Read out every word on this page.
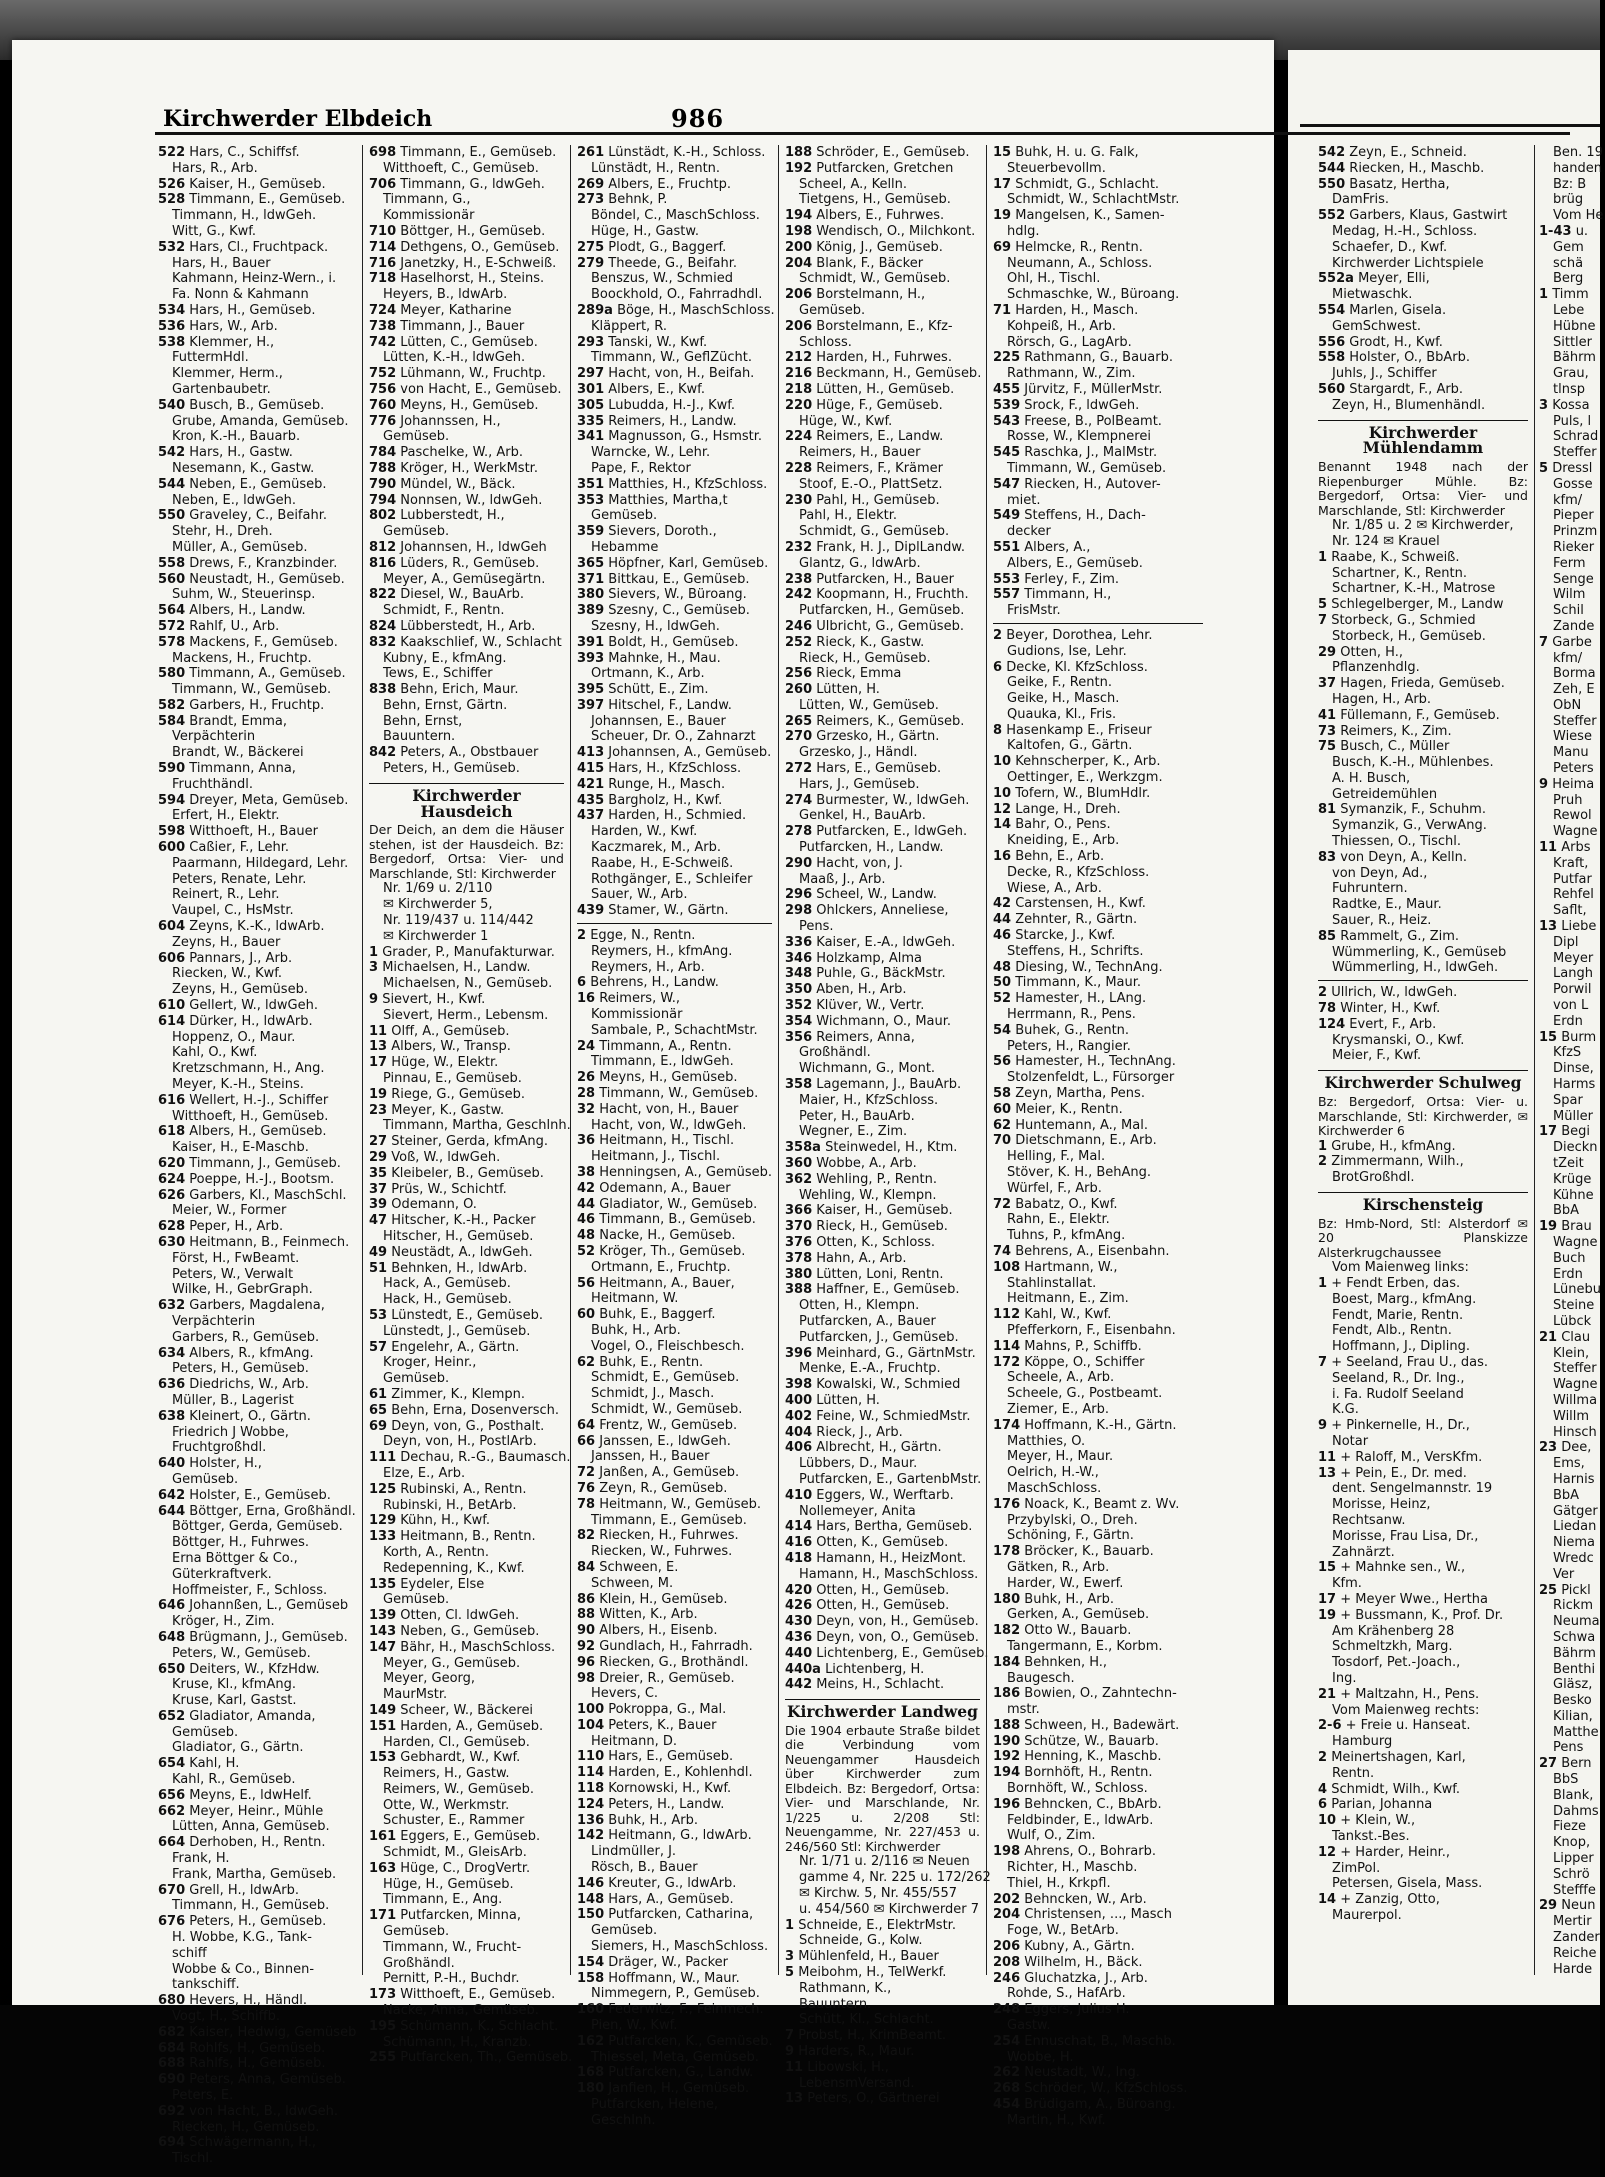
Kirchwerder Elbdeich	986
522 Hars, C., Schiffsf.
Hars, R., Arb.
526 Kaiser, H., Gemüseb.
528 Timmann, E., Gemüseb.
Timmann, H., ldwGeh.
Witt, G., Kwf.
532 Hars, Cl., Fruchtpack.
Hars, H., Bauer
Kahmann, Heinz-Wern., i.
Fa. Nonn & Kahmann
534 Hars, H., Gemüseb.
536 Hars, W., Arb.
538 Klemmer, H.,
FuttermHdl.
Klemmer, Herm.,
Gartenbaubetr.
540 Busch, B., Gemüseb.
Grube, Amanda, Gemüseb.
Kron, K.-H., Bauarb.
542 Hars, H., Gastw.
Nesemann, K., Gastw.
544 Neben, E., Gemüseb.
Neben, E., ldwGeh.
550 Graveley, C., Beifahr.
Stehr, H., Dreh.
Müller, A., Gemüseb.
558 Drews, F., Kranzbinder.
560 Neustadt, H., Gemüseb.
Suhm, W., Steuerinsp.
564 Albers, H., Landw.
572 Rahlf, U., Arb.
578 Mackens, F., Gemüseb.
Mackens, H., Fruchtp.
580 Timmann, A., Gemüseb.
Timmann, W., Gemüseb.
582 Garbers, H., Fruchtp.
584 Brandt, Emma,
Verpächterin
Brandt, W., Bäckerei
590 Timmann, Anna,
Fruchthändl.
594 Dreyer, Meta, Gemüseb.
Erfert, H., Elektr.
598 Witthoeft, H., Bauer
600 Caßier, F., Lehr.
Paarmann, Hildegard, Lehr.
Peters, Renate, Lehr.
Reinert, R., Lehr.
Vaupel, C., HsMstr.
604 Zeyns, K.-K., ldwArb.
Zeyns, H., Bauer
606 Pannars, J., Arb.
Riecken, W., Kwf.
Zeyns, H., Gemüseb.
610 Gellert, W., ldwGeh.
614 Dürker, H., ldwArb.
Hoppenz, O., Maur.
Kahl, O., Kwf.
Kretzschmann, H., Ang.
Meyer, K.-H., Steins.
616 Wellert, H.-J., Schiffer
Witthoeft, H., Gemüseb.
618 Albers, H., Gemüseb.
Kaiser, H., E-Maschb.
620 Timmann, J., Gemüseb.
624 Poeppe, H.-J., Bootsm.
626 Garbers, Kl., MaschSchl.
Meier, W., Former
628 Peper, H., Arb.
630 Heitmann, B., Feinmech.
Först, H., FwBeamt.
Peters, W., Verwalt
Wilke, H., GebrGraph.
632 Garbers, Magdalena,
Verpächterin
Garbers, R., Gemüseb.
634 Albers, R., kfmAng.
Peters, H., Gemüseb.
636 Diedrichs, W., Arb.
Müller, B., Lagerist
638 Kleinert, O., Gärtn.
Friedrich J Wobbe,
Fruchtgroßhdl.
640 Holster, H.,
Gemüseb.
642 Holster, E., Gemüseb.
644 Böttger, Erna, Großhändl.
Böttger, Gerda, Gemüseb.
Böttger, H., Fuhrwes.
Erna Böttger & Co.,
Güterkraftverk.
Hoffmeister, F., Schloss.
646 Johannßen, L., Gemüseb
Kröger, H., Zim.
648 Brügmann, J., Gemüseb.
Peters, W., Gemüseb.
650 Deiters, W., KfzHdw.
Kruse, Kl., kfmAng.
Kruse, Karl, Gastst.
652 Gladiator, Amanda,
Gemüseb.
Gladiator, G., Gärtn.
654 Kahl, H.
Kahl, R., Gemüseb.
656 Meyns, E., ldwHelf.
662 Meyer, Heinr., Mühle
Lütten, Anna, Gemüseb.
664 Derhoben, H., Rentn.
Frank, H.
Frank, Martha, Gemüseb.
670 Grell, H., ldwArb.
Timmann, H., Gemüseb.
676 Peters, H., Gemüseb.
H. Wobbe, K.G., Tank-
schiff
Wobbe & Co., Binnen-
tankschiff.
680 Hevers, H., Händl.
Vogt, H., Schiffb.
682 Kaiser, Hedwig, Gemüseb
684 Rohlfs, H., Gemüseb.
688 Rahlfs, H., Gemüseb.
690 Peters, Anna, Gemüseb.
Peters, E.
692 von Hacht, B., ldwGeh.
Riecken, H., Gemüseb.
694 Schwägermann, H.,
Tischl.
698 Timmann, E., Gemüseb.
Witthoeft, C., Gemüseb.
706 Timmann, G., ldwGeh.
Timmann, G.,
Kommissionär
710 Böttger, H., Gemüseb.
714 Dethgens, O., Gemüseb.
716 Janetzky, H., E-Schweiß.
718 Haselhorst, H., Steins.
Heyers, B., ldwArb.
724 Meyer, Katharine
738 Timmann, J., Bauer
742 Lütten, C., Gemüseb.
Lütten, K.-H., ldwGeh.
752 Lühmann, W., Fruchtp.
756 von Hacht, E., Gemüseb.
760 Meyns, H., Gemüseb.
776 Johannssen, H.,
Gemüseb.
784 Paschelke, W., Arb.
788 Kröger, H., WerkMstr.
790 Mündel, W., Bäck.
794 Nonnsen, W., ldwGeh.
802 Lubberstedt, H.,
Gemüseb.
812 Johannsen, H., ldwGeh
816 Lüders, R., Gemüseb.
Meyer, A., Gemüsegärtn.
822 Diesel, W., BauArb.
Schmidt, F., Rentn.
824 Lübberstedt, H., Arb.
832 Kaakschlief, W., Schlacht
Kubny, E., kfmAng.
Tews, E., Schiffer
838 Behn, Erich, Maur.
Behn, Ernst, Gärtn.
Behn, Ernst,
Bauuntern.
842 Peters, A., Obstbauer
Peters, H., Gemüseb.
Kirchwerder Hausdeich
Der Deich, an dem die Häuser stehen, ist der Hausdeich. Bz: Bergedorf, Ortsa: Vier- und Marschlande, Stl: Kirchwerder
Nr. 1/69 u. 2/110
✉ Kirchwerder 5,
Nr. 119/437 u. 114/442
✉ Kirchwerder 1
1 Grader, P., Manufakturwar.
3 Michaelsen, H., Landw.
Michaelsen, N., Gemüseb.
9 Sievert, H., Kwf.
Sievert, Herm., Lebensm.
11 Olff, A., Gemüseb.
13 Albers, W., Transp.
17 Hüge, W., Elektr.
Pinnau, E., Gemüseb.
19 Riege, G., Gemüseb.
23 Meyer, K., Gastw.
Timmann, Martha, Geschlnh.
27 Steiner, Gerda, kfmAng.
29 Voß, W., ldwGeh.
35 Kleibeler, B., Gemüseb.
37 Prüs, W., Schichtf.
39 Odemann, O.
47 Hitscher, K.-H., Packer
Hitscher, H., Gemüseb.
49 Neustädt, A., ldwGeh.
51 Behnken, H., ldwArb.
Hack, A., Gemüseb.
Hack, H., Gemüseb.
53 Lünstedt, E., Gemüseb.
Lünstedt, J., Gemüseb.
57 Engelehr, A., Gärtn.
Kroger, Heinr.,
Gemüseb.
61 Zimmer, K., Klempn.
65 Behn, Erna, Dosenversch.
69 Deyn, von, G., Posthalt.
Deyn, von, H., PostlArb.
111 Dechau, R.-G., Baumasch.
Elze, E., Arb.
125 Rubinski, A., Rentn.
Rubinski, H., BetArb.
129 Kühn, H., Kwf.
133 Heitmann, B., Rentn.
Korth, A., Rentn.
Redepenning, K., Kwf.
135 Eydeler, Else
Gemüseb.
139 Otten, Cl. ldwGeh.
143 Neben, G., Gemüseb.
147 Bähr, H., MaschSchloss.
Meyer, G., Gemüseb.
Meyer, Georg,
MaurMstr.
149 Scheer, W., Bäckerei
151 Harden, A., Gemüseb.
Harden, Cl., Gemüseb.
153 Gebhardt, W., Kwf.
Reimers, H., Gastw.
Reimers, W., Gemüseb.
Otte, W., Werkmstr.
Schuster, E., Rammer
161 Eggers, E., Gemüseb.
Schmidt, M., GleisArb.
163 Hüge, C., DrogVertr.
Hüge, H., Gemüseb.
Timmann, E., Ang.
171 Putfarcken, Minna,
Gemüseb.
Timmann, W., Frucht-
Großhändl.
Pernitt, P.-H., Buchdr.
173 Witthoeft, E., Gemüseb.
Nacke, Anna, Gemüseb.
195 Schümann, K., Schlacht.
Schümann, H., Kranzb.
255 Putfarcken, Th., Gemüseb.
261 Lünstädt, K.-H., Schloss.
Lünstädt, H., Rentn.
269 Albers, E., Fruchtp.
273 Behnk, P.
Böndel, C., MaschSchloss.
Hüge, H., Gastw.
275 Plodt, G., Baggerf.
279 Theede, G., Beifahr.
Benszus, W., Schmied
Boockhold, O., Fahrradhdl.
289a Böge, H., MaschSchloss.
Kläppert, R.
293 Tanski, W., Kwf.
Timmann, W., GeflZücht.
297 Hacht, von, H., Beifah.
301 Albers, E., Kwf.
305 Lubudda, H.-J., Kwf.
335 Reimers, H., Landw.
341 Magnusson, G., Hsmstr.
Warncke, W., Lehr.
Pape, F., Rektor
351 Matthies, H., KfzSchloss.
353 Matthies, Martha,t
Gemüseb.
359 Sievers, Doroth.,
Hebamme
365 Höpfner, Karl, Gemüseb.
371 Bittkau, E., Gemüseb.
380 Sievers, W., Büroang.
389 Szesny, C., Gemüseb.
Szesny, H., ldwGeh.
391 Boldt, H., Gemüseb.
393 Mahnke, H., Mau.
Ortmann, K., Arb.
395 Schütt, E., Zim.
397 Hitschel, F., Landw.
Johannsen, E., Bauer
Scheuer, Dr. O., Zahnarzt
413 Johannsen, A., Gemüseb.
415 Hars, H., KfzSchloss.
421 Runge, H., Masch.
435 Bargholz, H., Kwf.
437 Harden, H., Schmied.
Harden, W., Kwf.
Kaczmarek, M., Arb.
Raabe, H., E-Schweiß.
Rothgänger, E., Schleifer
Sauer, W., Arb.
439 Stamer, W., Gärtn.
2 Egge, N., Rentn.
Reymers, H., kfmAng.
Reymers, H., Arb.
6 Behrens, H., Landw.
16 Reimers, W.,
Kommissionär
Sambale, P., SchachtMstr.
24 Timmann, A., Rentn.
Timmann, E., ldwGeh.
26 Meyns, H., Gemüseb.
28 Timmann, W., Gemüseb.
32 Hacht, von, H., Bauer
Hacht, von, W., ldwGeh.
36 Heitmann, H., Tischl.
Heitmann, J., Tischl.
38 Henningsen, A., Gemüseb.
42 Odemann, A., Bauer
44 Gladiator, W., Gemüseb.
46 Timmann, B., Gemüseb.
48 Nacke, H., Gemüseb.
52 Kröger, Th., Gemüseb.
Ortmann, E., Fruchtp.
56 Heitmann, A., Bauer,
Heitmann, W.
60 Buhk, E., Baggerf.
Buhk, H., Arb.
Vogel, O., Fleischbesch.
62 Buhk, E., Rentn.
Schmidt, E., Gemüseb.
Schmidt, J., Masch.
Schmidt, W., Gemüseb.
64 Frentz, W., Gemüseb.
66 Janssen, E., ldwGeh.
Janssen, H., Bauer
72 Janßen, A., Gemüseb.
76 Zeyn, R., Gemüseb.
78 Heitmann, W., Gemüseb.
Timmann, E., Gemüseb.
82 Riecken, H., Fuhrwes.
Riecken, W., Fuhrwes.
84 Schween, E.
Schween, M.
86 Klein, H., Gemüseb.
88 Witten, K., Arb.
90 Albers, H., Eisenb.
92 Gundlach, H., Fahrradh.
96 Riecken, G., Brothändl.
98 Dreier, R., Gemüseb.
Hevers, C.
100 Pokroppa, G., Mal.
104 Peters, K., Bauer
Heitmann, D.
110 Hars, E., Gemüseb.
114 Harden, E., Kohlenhdl.
118 Kornowski, H., Kwf.
124 Peters, H., Landw.
136 Buhk, H., Arb.
142 Heitmann, G., ldwArb.
Lindmüller, J.
Rösch, B., Bauer
146 Kreuter, G., ldwArb.
148 Hars, A., Gemüseb.
150 Putfarcken, Catharina,
Gemüseb.
Siemers, H., MaschSchloss.
154 Dräger, W., Packer
158 Hoffmann, W., Maur.
Nimmegern, P., Gemüseb.
160 Federwitz, F., Feinmech.
Pien, W., Kwf.
162 Putfarcken, K., Gemüseb.
Thiessel, Meta, Gemüseb.
168 Putfarcken, G., Landw.
180 Janfien, H., Gemüseb.
Putfarcken, Helene,
Geschlnh.
188 Schröder, E., Gemüseb.
192 Putfarcken, Gretchen
Scheel, A., Kelln.
Tietgens, H., Gemüseb.
194 Albers, E., Fuhrwes.
198 Wendisch, O., Milchkont.
200 König, J., Gemüseb.
204 Blank, F., Bäcker
Schmidt, W., Gemüseb.
206 Borstelmann, H.,
Gemüseb.
206 Borstelmann, E., Kfz-
Schloss.
212 Harden, H., Fuhrwes.
216 Beckmann, H., Gemüseb.
218 Lütten, H., Gemüseb.
220 Hüge, F., Gemüseb.
Hüge, W., Kwf.
224 Reimers, E., Landw.
Reimers, H., Bauer
228 Reimers, F., Krämer
Stoof, E.-O., PlattSetz.
230 Pahl, H., Gemüseb.
Pahl, H., Elektr.
Schmidt, G., Gemüseb.
232 Frank, H. J., DiplLandw.
Glantz, G., ldwArb.
238 Putfarcken, H., Bauer
242 Koopmann, H., Fruchth.
Putfarcken, H., Gemüseb.
246 Ulbricht, G., Gemüseb.
252 Rieck, K., Gastw.
Rieck, H., Gemüseb.
256 Rieck, Emma
260 Lütten, H.
Lütten, W., Gemüseb.
265 Reimers, K., Gemüseb.
270 Grzesko, H., Gärtn.
Grzesko, J., Händl.
272 Hars, E., Gemüseb.
Hars, J., Gemüseb.
274 Burmester, W., ldwGeh.
Genkel, H., BauArb.
278 Putfarcken, E., ldwGeh.
Putfarcken, H., Landw.
290 Hacht, von, J.
Maaß, J., Arb.
296 Scheel, W., Landw.
298 Ohlckers, Anneliese,
Pens.
336 Kaiser, E.-A., ldwGeh.
346 Holzkamp, Alma
348 Puhle, G., BäckMstr.
350 Aben, H., Arb.
352 Klüver, W., Vertr.
354 Wichmann, O., Maur.
356 Reimers, Anna,
Großhändl.
Wichmann, G., Mont.
358 Lagemann, J., BauArb.
Maier, H., KfzSchloss.
Peter, H., BauArb.
Wegner, E., Zim.
358a Steinwedel, H., Ktm.
360 Wobbe, A., Arb.
362 Wehling, P., Rentn.
Wehling, W., Klempn.
366 Kaiser, H., Gemüseb.
370 Rieck, H., Gemüseb.
376 Otten, K., Schloss.
378 Hahn, A., Arb.
380 Lütten, Loni, Rentn.
388 Haffner, E., Gemüseb.
Otten, H., Klempn.
Putfarcken, A., Bauer
Putfarcken, J., Gemüseb.
396 Meinhard, G., GärtnMstr.
Menke, E.-A., Fruchtp.
398 Kowalski, W., Schmied
400 Lütten, H.
402 Feine, W., SchmiedMstr.
404 Rieck, J., Arb.
406 Albrecht, H., Gärtn.
Lübbers, D., Maur.
Putfarcken, E., GartenbMstr.
410 Eggers, W., Werftarb.
Nollemeyer, Anita
414 Hars, Bertha, Gemüseb.
416 Otten, K., Gemüseb.
418 Hamann, H., HeizMont.
Hamann, H., MaschSchloss.
420 Otten, H., Gemüseb.
426 Otten, H., Gemüseb.
430 Deyn, von, H., Gemüseb.
436 Deyn, von, O., Gemüseb.
440 Lichtenberg, E., Gemüseb.
440a Lichtenberg, H.
442 Meins, H., Schlacht.
Kirchwerder Landweg
Die 1904 erbaute Straße bildet die Verbindung vom Neuengammer Hausdeich über Kirchwerder zum Elbdeich. Bz: Bergedorf, Ortsa: Vier- und Marschlande, Nr. 1/225 u. 2/208 Stl: Neuengamme, Nr. 227/453 u. 246/560 Stl: Kirchwerder
Nr. 1/71 u. 2/116 ✉ Neuen
gamme 4, Nr. 225 u. 172/262
✉ Kirchw. 5, Nr. 455/557
u. 454/560 ✉ Kirchwerder 7
1 Schneide, E., ElektrMstr.
Schneide, G., Kolw.
3 Mühlenfeld, H., Bauer
5 Meibohm, H., TelWerkf.
Rathmann, K.,
Bauuntern.
Schütt, Kl., Schlacht.
7 Probst, H., KrimBeamt.
9 Harders, R., Maur.
11 Libowski, H.,
LebensmVersand.
13 Peters, O., Gärtnerei
15 Buhk, H. u. G. Falk,
Steuerbevollm.
17 Schmidt, G., Schlacht.
Schmidt, W., SchlachtMstr.
19 Mangelsen, K., Samen-
hdlg.
69 Helmcke, R., Rentn.
Neumann, A., Schloss.
Ohl, H., Tischl.
Schmaschke, W., Büroang.
71 Harden, H., Masch.
Kohpeiß, H., Arb.
Rörsch, G., LagArb.
225 Rathmann, G., Bauarb.
Rathmann, W., Zim.
455 Jürvitz, F., MüllerMstr.
539 Srock, F., ldwGeh.
543 Freese, B., PolBeamt.
Rosse, W., Klempnerei
545 Raschka, J., MalMstr.
Timmann, W., Gemüseb.
547 Riecken, H., Autover-
miet.
549 Steffens, H., Dach-
decker
551 Albers, A.,
Albers, E., Gemüseb.
553 Ferley, F., Zim.
557 Timmann, H.,
FrisMstr.
2 Beyer, Dorothea, Lehr.
Gudions, Ise, Lehr.
6 Decke, Kl. KfzSchloss.
Geike, F., Rentn.
Geike, H., Masch.
Quauka, Kl., Fris.
8 Hasenkamp E., Friseur
Kaltofen, G., Gärtn.
10 Kehnscherper, K., Arb.
Oettinger, E., Werkzgm.
10 Tofern, W., BlumHdlr.
12 Lange, H., Dreh.
14 Bahr, O., Pens.
Kneiding, E., Arb.
16 Behn, E., Arb.
Decke, R., KfzSchloss.
Wiese, A., Arb.
42 Carstensen, H., Kwf.
44 Zehnter, R., Gärtn.
46 Starcke, J., Kwf.
Steffens, H., Schrifts.
48 Diesing, W., TechnAng.
50 Timmann, K., Maur.
52 Hamester, H., LAng.
Herrmann, R., Pens.
54 Buhek, G., Rentn.
Peters, H., Rangier.
56 Hamester, H., TechnAng.
Stolzenfeldt, L., Fürsorger
58 Zeyn, Martha, Pens.
60 Meier, K., Rentn.
62 Huntemann, A., Mal.
70 Dietschmann, E., Arb.
Helling, F., Mal.
Stöver, K. H., BehAng.
Würfel, F., Arb.
72 Babatz, O., Kwf.
Rahn, E., Elektr.
Tuhns, P., kfmAng.
74 Behrens, A., Eisenbahn.
108 Hartmann, W.,
Stahlinstallat.
Heitmann, E., Zim.
112 Kahl, W., Kwf.
Pfefferkorn, F., Eisenbahn.
114 Mahns, P., Schiffb.
172 Köppe, O., Schiffer
Scheele, A., Arb.
Scheele, G., Postbeamt.
Ziemer, E., Arb.
174 Hoffmann, K.-H., Gärtn.
Matthies, O.
Meyer, H., Maur.
Oelrich, H.-W.,
MaschSchloss.
176 Noack, K., Beamt z. Wv.
Przybylski, O., Dreh.
Schöning, F., Gärtn.
178 Bröcker, K., Bauarb.
Gätken, R., Arb.
Harder, W., Ewerf.
180 Buhk, H., Arb.
Gerken, A., Gemüseb.
182 Otto W., Bauarb.
Tangermann, E., Korbm.
184 Behnken, H.,
Baugesch.
186 Bowien, O., Zahntechn-
mstr.
188 Schween, H., Badewärt.
190 Schütze, W., Bauarb.
192 Henning, K., Maschb.
194 Bornhöft, H., Rentn.
Bornhöft, W., Schloss.
196 Behncken, C., BbArb.
Feldbinder, E., ldwArb.
Wulf, O., Zim.
198 Ahrens, O., Bohrarb.
Richter, H., Maschb.
Thiel, H., Krkpfl.
202 Behncken, W., Arb.
204 Christensen, ..., Masch
Foge, W., BetArb.
206 Kubny, A., Gärtn.
208 Wilhelm, H., Bäck.
246 Gluchatzka, J., Arb.
Rohde, S., HafArb.
248 Eggers, Julius H.
Gastw.
254 Ennuschat, B., Maschb.
Wobbe, H.
262 Neustadt, W., Ing.
268 Schröder, W., KfzSchloss.
454 Brüdigam, A., Büroang.
Martin, H., Kwf.
542 Zeyn, E., Schneid.
544 Riecken, H., Maschb.
550 Basatz, Hertha,
DamFris.
552 Garbers, Klaus, Gastwirt
Medag, H.-H., Schloss.
Schaefer, D., Kwf.
Kirchwerder Lichtspiele
552a Meyer, Elli,
Mietwaschk.
554 Marlen, Gisela.
GemSchwest.
556 Grodt, H., Kwf.
558 Holster, O., BbArb.
Juhls, J., Schiffer
560 Stargardt, F., Arb.
Zeyn, H., Blumenhändl.
Kirchwerder Mühlendamm
Benannt 1948 nach der Riepenburger Mühle. Bz: Bergedorf, Ortsa: Vier- und Marschlande, Stl: Kirchwerder
Nr. 1/85 u. 2 ✉ Kirchwerder,
Nr. 124 ✉ Krauel
1 Raabe, K., Schweiß.
Schartner, K., Rentn.
Schartner, K.-H., Matrose
5 Schlegelberger, M., Landw
7 Storbeck, G., Schmied
Storbeck, H., Gemüseb.
29 Otten, H.,
Pflanzenhdlg.
37 Hagen, Frieda, Gemüseb.
Hagen, H., Arb.
41 Füllemann, F., Gemüseb.
73 Reimers, K., Zim.
75 Busch, C., Müller
Busch, K.-H., Mühlenbes.
A. H. Busch,
Getreidemühlen
81 Symanzik, F., Schuhm.
Symanzik, G., VerwAng.
Thiessen, O., Tischl.
83 von Deyn, A., Kelln.
von Deyn, Ad.,
Fuhruntern.
Radtke, E., Maur.
Sauer, R., Heiz.
85 Rammelt, G., Zim.
Wümmerling, K., Gemüseb
Wümmerling, H., ldwGeh.
2 Ullrich, W., ldwGeh.
78 Winter, H., Kwf.
124 Evert, F., Arb.
Krysmanski, O., Kwf.
Meier, F., Kwf.
Kirchwerder Schulweg
Bz: Bergedorf, Ortsa: Vier- u. Marschlande, Stl: Kirchwerder, ✉ Kirchwerder 6
1 Grube, H., kfmAng.
2 Zimmermann, Wilh.,
BrotGroßhdl.
Kirschensteig
Bz: Hmb-Nord, Stl: Alsterdorf ✉ 20 Planskizze Alsterkrugchaussee
Vom Maienweg links:
1 + Fendt Erben, das.
Boest, Marg., kfmAng.
Fendt, Marie, Rentn.
Fendt, Alb., Rentn.
Hoffmann, J., Dipling.
7 + Seeland, Frau U., das.
Seeland, R., Dr. Ing.,
i. Fa. Rudolf Seeland
K.G.
9 + Pinkernelle, H., Dr.,
Notar
11 + Raloff, M., VersKfm.
13 + Pein, E., Dr. med.
dent. Sengelmannstr. 19
Morisse, Heinz,
Rechtsanw.
Morisse, Frau Lisa, Dr.,
Zahnärzt.
15 + Mahnke sen., W.,
Kfm.
17 + Meyer Wwe., Hertha
19 + Bussmann, K., Prof. Dr.
Am Krähenberg 28
Schmeltzkh, Marg.
Tosdorf, Pet.-Joach.,
Ing.
21 + Maltzahn, H., Pens.
Vom Maienweg rechts:
2-6 + Freie u. Hanseat.
Hamburg
2 Meinertshagen, Karl,
Rentn.
4 Schmidt, Wilh., Kwf.
6 Parian, Johanna
10 + Klein, W.,
Tankst.-Bes.
12 + Harder, Heinr.,
ZimPol.
Petersen, Gisela, Mass.
14 + Zanzig, Otto,
Maurerpol.
Ben. 19
handen
Bz: B
brüg
Vom He
1-43 u.
Gem
schä
Berg
1 Timm
Lebe
Hübne
Sittler
Bährm
Grau,
tlnsp
3 Kossa
Puls, l
Schrad
Steffer
5 Dressl
Gosse
kfm/
Pieper
Prinzm
Rieker
Ferm
Senge
Wilm
Schil
Zande
7 Garbe
kfm/
Borma
Zeh, E
ObN
Steffer
Wiese
Manu
Peters
9 Heima
Pruh
Rewol
Wagne
11 Arbs
Kraft,
Putfar
Rehfel
Saflt,
13 Liebe
Dipl
Meyer
Langh
Porwil
von L
Erdn
15 Burm
KfzS
Dinse,
Harms
Spar
Müller
17 Begi
Dieckn
tZeit
Krüge
Kühne
BbA
19 Brau
Wagne
Buch
Erdn
Lünebu
Steine
Lübck
21 Clau
Klein,
Steffer
Wagne
Willma
Willm
Hinsch
23 Dee,
Ems,
Harnis
BbA
Gätger
Liedan
Niema
Wredc
Ver
25 Pickl
Rickm
Neuma
Schwa
Bährm
Benthi
Gläsz,
Besko
Kilian,
Matthe
Pens
27 Bern
BbS
Blank,
Dahms
Fieze
Knop,
Lipper
Schrö
Stefffe
29 Neun
Mertir
Zander
Reiche
Harde
